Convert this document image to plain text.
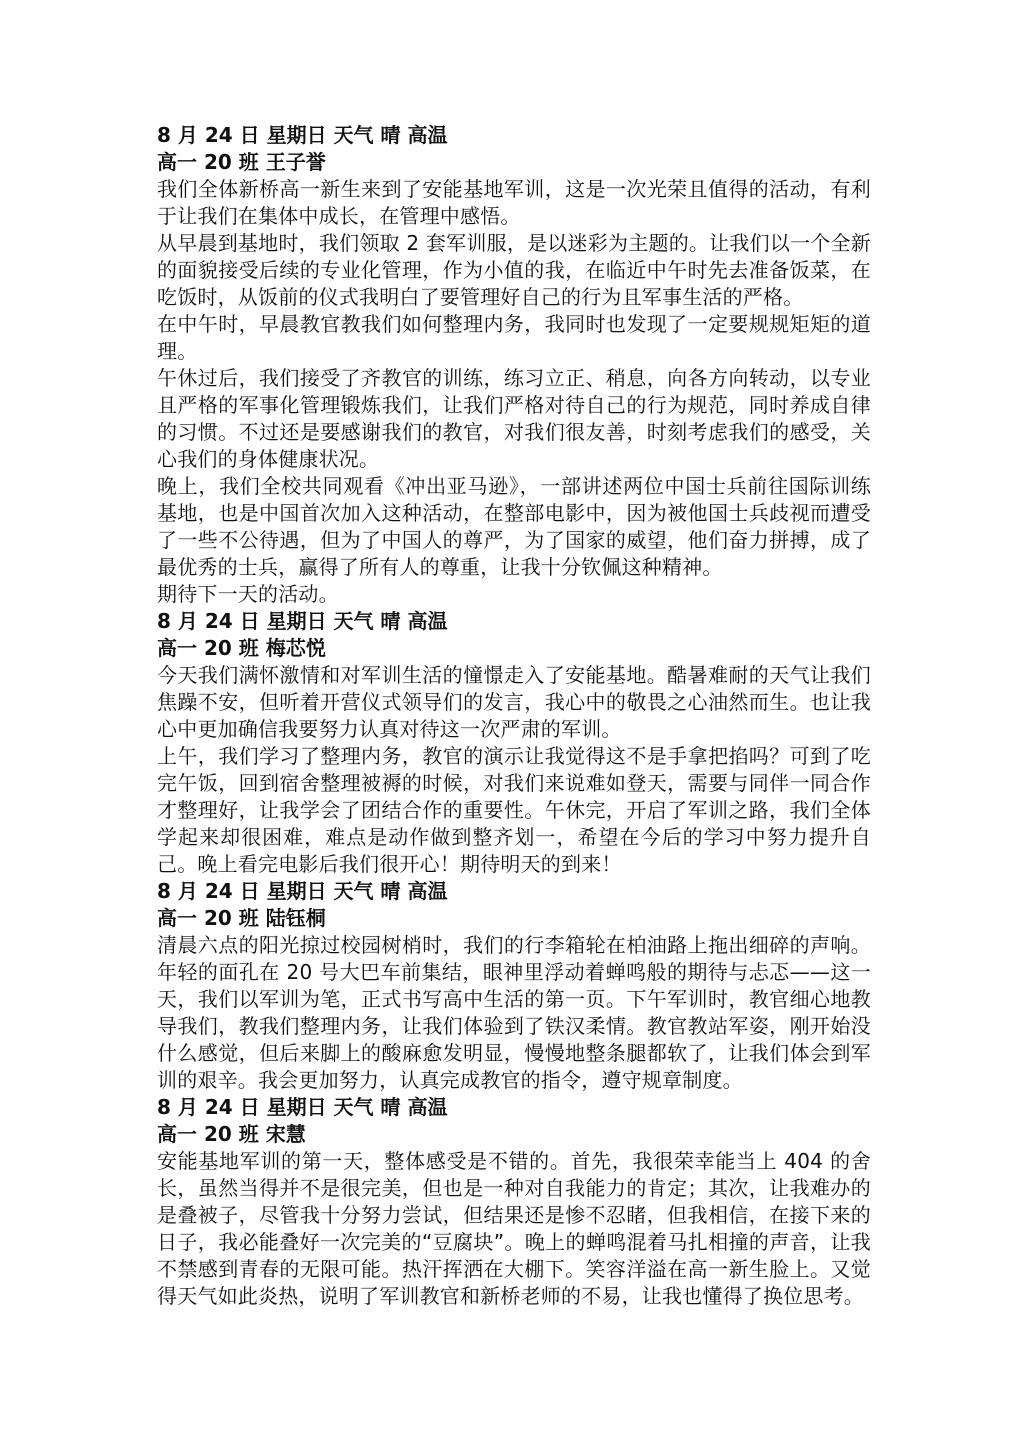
8 月 24 日 星期日 天气 晴 高温

高一 20 班 王子誉

我们全体新桥高一新生来到了安能基地军训，这是一次光荣且值得的活动，有利于让我们在集体中成长，在管理中感悟。

从早晨到基地时，我们领取 2 套军训服，是以迷彩为主题的。让我们以一个全新的面貌接受后续的专业化管理，作为小值的我，在临近中午时先去准备饭菜，在吃饭时，从饭前的仪式我明白了要管理好自己的行为且军事生活的严格。

在中午时，早晨教官教我们如何整理内务，我同时也发现了一定要规规矩矩的道理。

午休过后，我们接受了齐教官的训练，练习立正、稍息，向各方向转动，以专业且严格的军事化管理锻炼我们，让我们严格对待自己的行为规范，同时养成自律的习惯。不过还是要感谢我们的教官，对我们很友善，时刻考虑我们的感受，关心我们的身体健康状况。

晚上，我们全校共同观看《冲出亚马逊》，一部讲述两位中国士兵前往国际训练基地，也是中国首次加入这种活动，在整部电影中，因为被他国士兵歧视而遭受了一些不公待遇，但为了中国人的尊严，为了国家的威望，他们奋力拼搏，成了最优秀的士兵，赢得了所有人的尊重，让我十分钦佩这种精神。

期待下一天的活动。

8 月 24 日 星期日 天气 晴 高温

高一 20 班 梅芯悦

今天我们满怀激情和对军训生活的憧憬走入了安能基地。酷暑难耐的天气让我们焦躁不安，但听着开营仪式领导们的发言，我心中的敬畏之心油然而生。也让我心中更加确信我要努力认真对待这一次严肃的军训。

上午，我们学习了整理内务，教官的演示让我觉得这不是手拿把掐吗？可到了吃完午饭，回到宿舍整理被褥的时候，对我们来说难如登天，需要与同伴一同合作才整理好，让我学会了团结合作的重要性。午休完，开启了军训之路，我们全体学起来却很困难，难点是动作做到整齐划一，希望在今后的学习中努力提升自己。晚上看完电影后我们很开心！期待明天的到来！

8 月 24 日 星期日 天气 晴 高温

高一 20 班 陆钰桐

清晨六点的阳光掠过校园树梢时，我们的行李箱轮在柏油路上拖出细碎的声响。年轻的面孔在 20 号大巴车前集结，眼神里浮动着蝉鸣般的期待与忐忑——这一天，我们以军训为笔，正式书写高中生活的第一页。下午军训时，教官细心地教导我们，教我们整理内务，让我们体验到了铁汉柔情。教官教站军姿，刚开始没什么感觉，但后来脚上的酸麻愈发明显，慢慢地整条腿都软了，让我们体会到军训的艰辛。我会更加努力，认真完成教官的指令，遵守规章制度。

8 月 24 日 星期日 天气 晴 高温

高一 20 班 宋慧

安能基地军训的第一天，整体感受是不错的。首先，我很荣幸能当上 404 的舍长，虽然当得并不是很完美，但也是一种对自我能力的肯定；其次，让我难办的是叠被子，尽管我十分努力尝试，但结果还是惨不忍睹，但我相信，在接下来的日子，我必能叠好一次完美的“豆腐块”。晚上的蝉鸣混着马扎相撞的声音，让我不禁感到青春的无限可能。热汗挥洒在大棚下。笑容洋溢在高一新生脸上。又觉得天气如此炎热，说明了军训教官和新桥老师的不易，让我也懂得了换位思考。
